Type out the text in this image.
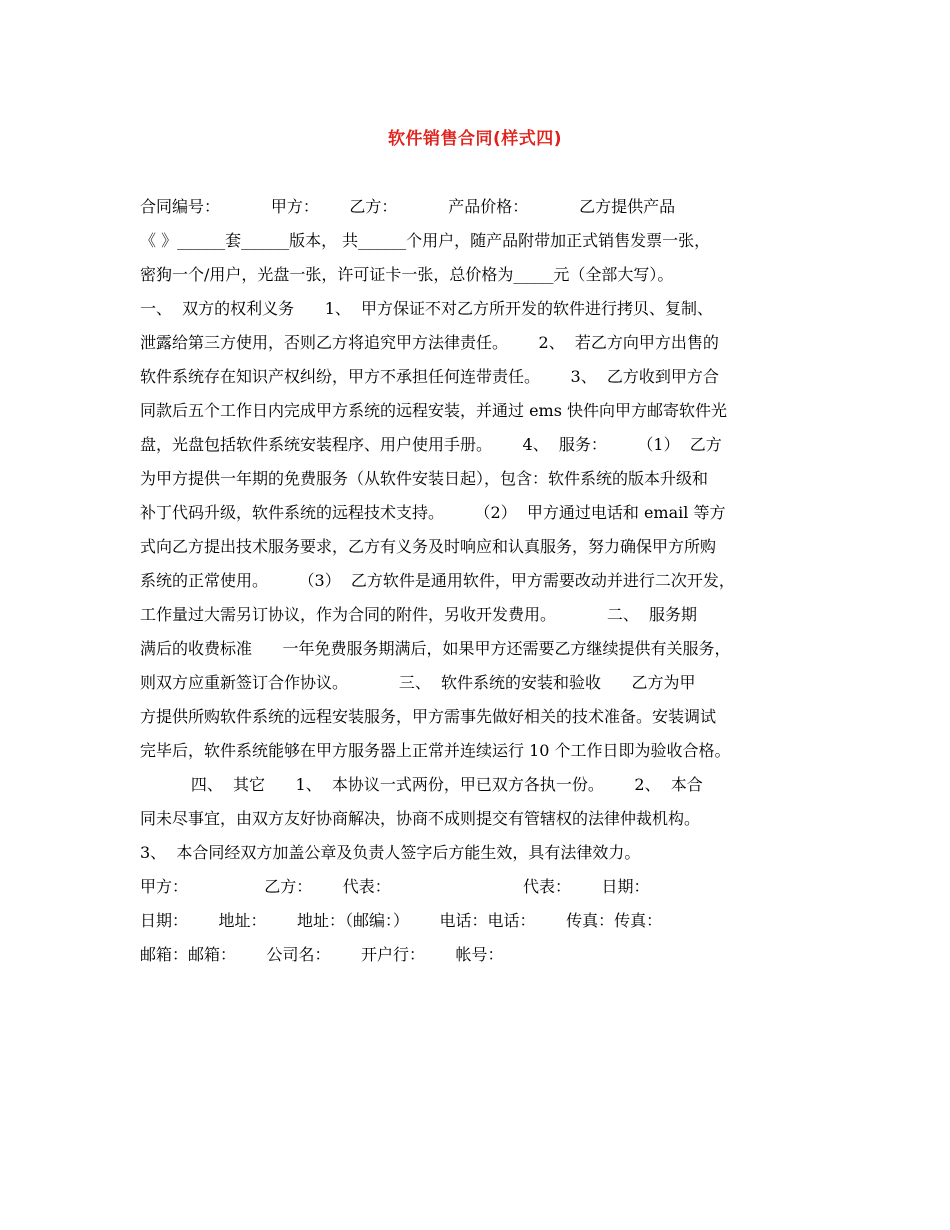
软件销售合同(样式四)
合同编号：          甲方：      乙方：          产品价格：          乙方提供产品
《 》______套______版本， 共______个用户，随产品附带加正式销售发票一张，
密狗一个/用户，光盘一张，许可证卡一张，总价格为_____元（全部大写）。
一、  双方的权利义务      1、  甲方保证不对乙方所开发的软件进行拷贝、复制、
泄露给第三方使用，否则乙方将追究甲方法律责任。      2、  若乙方向甲方出售的
软件系统存在知识产权纠纷，甲方不承担任何连带责任。      3、  乙方收到甲方合
同款后五个工作日内完成甲方系统的远程安装，并通过 ems 快件向甲方邮寄软件光
盘，光盘包括软件系统安装程序、用户使用手册。      4、  服务：      （1）  乙方
为甲方提供一年期的免费服务（从软件安装日起），包含：软件系统的版本升级和
补丁代码升级，软件系统的远程技术支持。      （2）  甲方通过电话和 email 等方
式向乙方提出技术服务要求，乙方有义务及时响应和认真服务，努力确保甲方所购
系统的正常使用。      （3）  乙方软件是通用软件，甲方需要改动并进行二次开发，
工作量过大需另订协议，作为合同的附件，另收开发费用。          二、  服务期
满后的收费标准      一年免费服务期满后，如果甲方还需要乙方继续提供有关服务，
则双方应重新签订合作协议。          三、  软件系统的安装和验收      乙方为甲
方提供所购软件系统的远程安装服务，甲方需事先做好相关的技术准备。安装调试
完毕后，软件系统能够在甲方服务器上正常并连续运行 10 个工作日即为验收合格。
四、  其它      1、  本协议一式两份，甲已双方各执一份。      2、  本合
同未尽事宜，由双方友好协商解决，协商不成则提交有管辖权的法律仲裁机构。
3、  本合同经双方加盖公章及负责人签字后方能生效，具有法律效力。
甲方：               乙方：      代表：                          代表：      日期：
日期：      地址：      地址：（邮编：）      电话：电话：      传真：传真：
邮箱：邮箱：      公司名：      开户行：      帐号：
